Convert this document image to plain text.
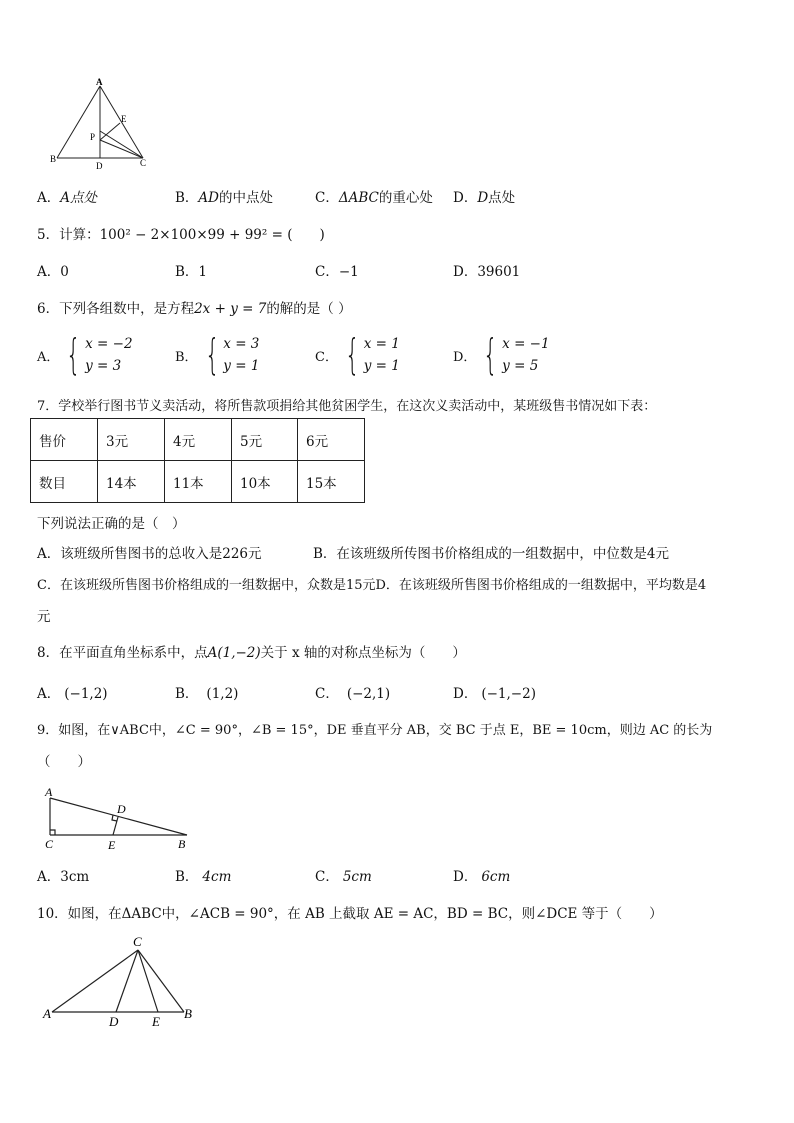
A
E
P
B
D	C
A．A点处	B．AD的中点处	C．ΔABC的重心处 D．D点处
5．计算：100² − 2×100×99 + 99² = (　　)
A．0	B．1	C．−1	D．39601
6．下列各组数中，是方程2x + y = 7的解的是（ ）
A． { x = −2
y = 3
B． { x = 3
y = 1
C． { x = 1
y = 1
D． { x = −1
y = 5
7．学校举行图书节义卖活动，将所售款项捐给其他贫困学生，在这次义卖活动中，某班级售书情况如下表：
售价	3元	4元	5元	6元
数目	14本	11本	10本	15本
下列说法正确的是（　）
A．该班级所售图书的总收入是226元	B．在该班级所传图书价格组成的一组数据中，中位数是4元
C．在该班级所售图书价格组成的一组数据中，众数是15元D．在该班级所售图书价格组成的一组数据中，平均数是4
元
8．在平面直角坐标系中，点A(1,−2)关于 x 轴的对称点坐标为（　　）
A． (−1,2)	B． (1,2)	C． (−2,1)	D． (−1,−2)
9．如图，在∨ABC中，∠C = 90°，∠B = 15°，DE 垂直平分 AB，交 BC 于点 E，BE = 10cm，则边 AC 的长为
（　　）
A
D
C	E	B
A．3cm	B． 4cm	C． 5cm	D． 6cm
10．如图，在ΔABC中，∠ACB = 90°，在 AB 上截取 AE = AC，BD = BC，则∠DCE 等于（　　）
C
A
D	E
B
